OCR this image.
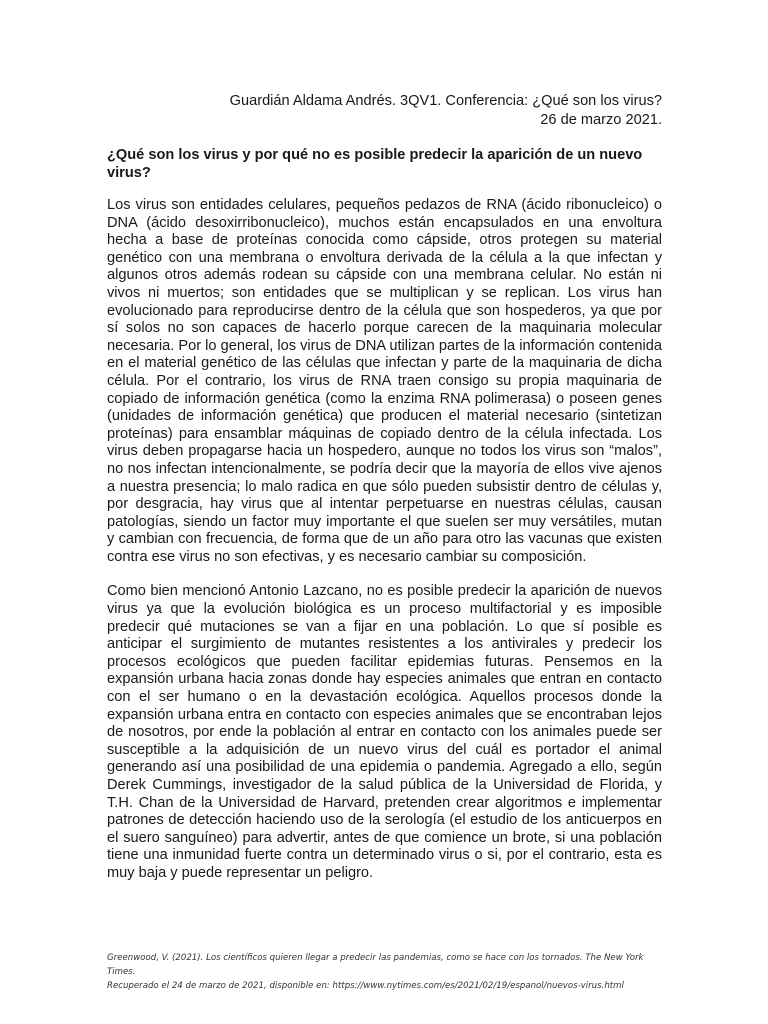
Guardián Aldama Andrés. 3QV1. Conferencia: ¿Qué son los virus?
26 de marzo 2021.
¿Qué son los virus y por qué no es posible predecir la aparición de un nuevo virus?

Los virus son entidades celulares, pequeños pedazos de RNA (ácido ribonucleico) o DNA (ácido desoxirribonucleico), muchos están encapsulados en una envoltura hecha a base de proteínas conocida como cápside, otros protegen su material genético con una membrana o envoltura derivada de la célula a la que infectan y algunos otros además rodean su cápside con una membrana celular. No están ni vivos ni muertos; son entidades que se multiplican y se replican. Los virus han evolucionado para reproducirse dentro de la célula que son hospederos, ya que por sí solos no son capaces de hacerlo porque carecen de la maquinaria molecular necesaria. Por lo general, los virus de DNA utilizan partes de la información contenida en el material genético de las células que infectan y parte de la maquinaria de dicha célula. Por el contrario, los virus de RNA traen consigo su propia maquinaria de copiado de información genética (como la enzima RNA polimerasa) o poseen genes (unidades de información genética) que producen el material necesario (sintetizan proteínas) para ensamblar máquinas de copiado dentro de la célula infectada. Los virus deben propagarse hacia un hospedero, aunque no todos los virus son “malos”, no nos infectan intencionalmente, se podría decir que la mayoría de ellos vive ajenos a nuestra presencia; lo malo radica en que sólo pueden subsistir dentro de células y, por desgracia, hay virus que al intentar perpetuarse en nuestras células, causan patologías, siendo un factor muy importante el que suelen ser muy versátiles, mutan y cambian con frecuencia, de forma que de un año para otro las vacunas que existen contra ese virus no son efectivas, y es necesario cambiar su composición.

Como bien mencionó Antonio Lazcano, no es posible predecir la aparición de nuevos virus ya que la evolución biológica es un proceso multifactorial y es imposible predecir qué mutaciones se van a fijar en una población. Lo que sí posible es anticipar el surgimiento de mutantes resistentes a los antivirales y predecir los procesos ecológicos que pueden facilitar epidemias futuras. Pensemos en la expansión urbana hacia zonas donde hay especies animales que entran en contacto con el ser humano o en la devastación ecológica. Aquellos procesos donde la expansión urbana entra en contacto con especies animales que se encontraban lejos de nosotros, por ende la población al entrar en contacto con los animales puede ser susceptible a la adquisición de un nuevo virus del cuál es portador el animal generando así una posibilidad de una epidemia o pandemia. Agregado a ello, según Derek Cummings, investigador de la salud pública de la Universidad de Florida, y T.H. Chan de la Universidad de Harvard, pretenden crear algoritmos e implementar patrones de detección haciendo uso de la serología (el estudio de los anticuerpos en el suero sanguíneo) para advertir, antes de que comience un brote, si una población tiene una inmunidad fuerte contra un determinado virus o si, por el contrario, esta es muy baja y puede representar un peligro.

Greenwood, V. (2021). Los científicos quieren llegar a predecir las pandemias, como se hace con los tornados. The New York Times.
Recuperado el 24 de marzo de 2021, disponible en: https://www.nytimes.com/es/2021/02/19/espanol/nuevos-virus.html
